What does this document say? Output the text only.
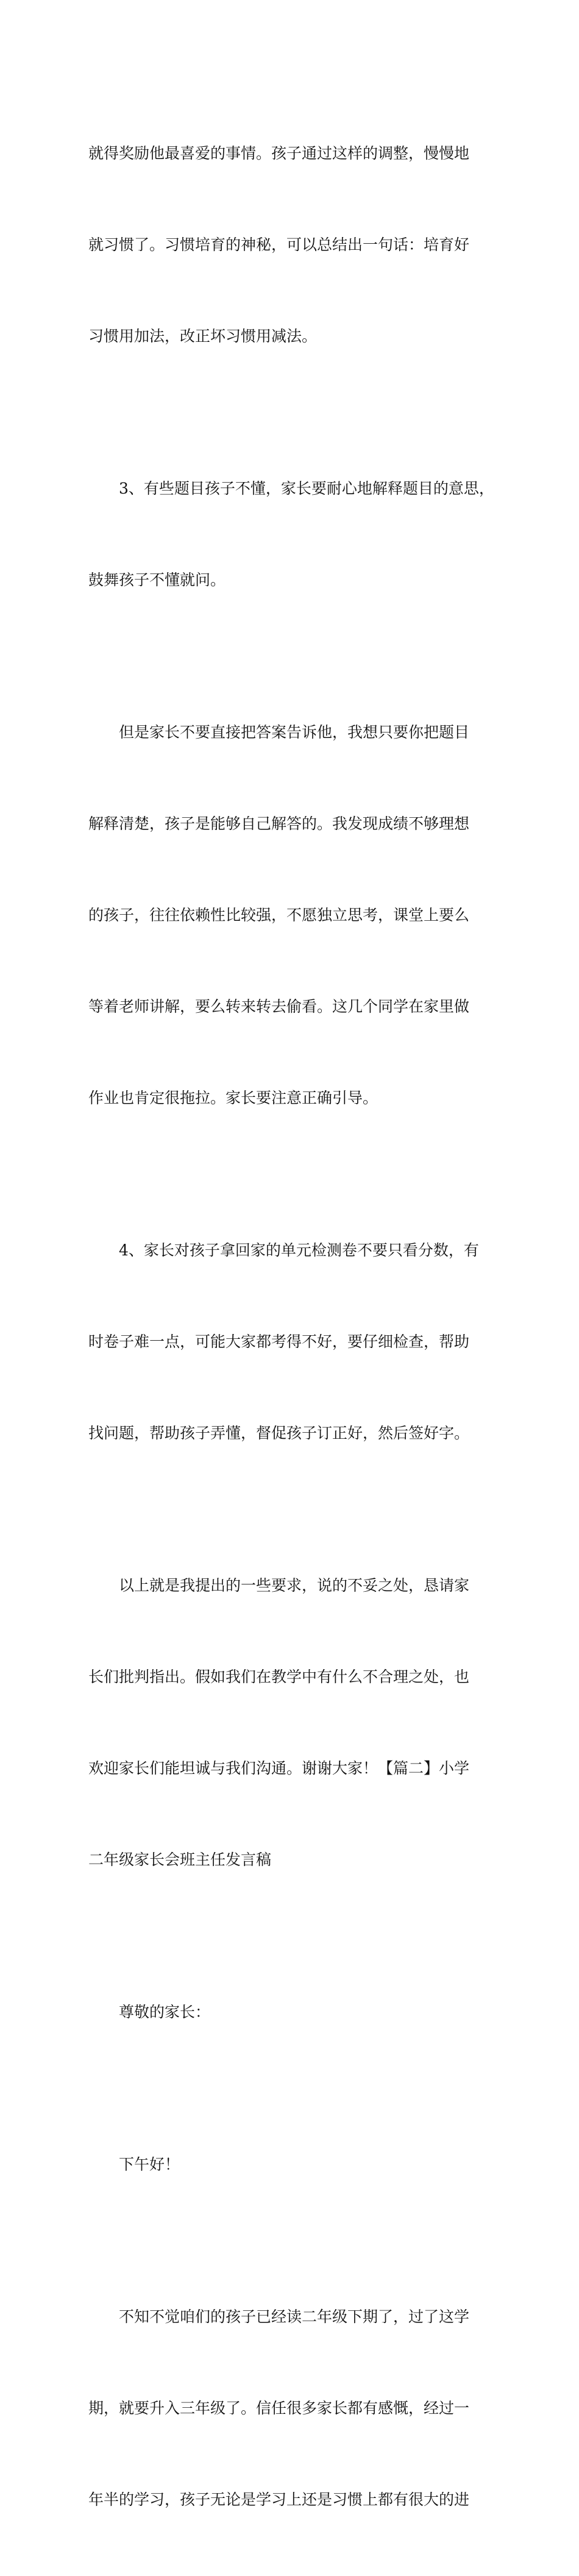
就得奖励他最喜爱的事情。孩子通过这样的调整，慢慢地

就习惯了。习惯培育的神秘，可以总结出一句话：培育好

习惯用加法，改正坏习惯用减法。

　　3、有些题目孩子不懂，家长要耐心地解释题目的意思，

鼓舞孩子不懂就问。

　　但是家长不要直接把答案告诉他，我想只要你把题目

解释清楚，孩子是能够自己解答的。我发现成绩不够理想

的孩子，往往依赖性比较强，不愿独立思考，课堂上要么

等着老师讲解，要么转来转去偷看。这几个同学在家里做

作业也肯定很拖拉。家长要注意正确引导。

　　4、家长对孩子拿回家的单元检测卷不要只看分数，有

时卷子难一点，可能大家都考得不好，要仔细检查，帮助

找问题，帮助孩子弄懂，督促孩子订正好，然后签好字。

　　以上就是我提出的一些要求，说的不妥之处，恳请家

长们批判指出。假如我们在教学中有什么不合理之处，也

欢迎家长们能坦诚与我们沟通。谢谢大家！【篇二】小学

二年级家长会班主任发言稿

　　尊敬的家长：

　　下午好！

　　不知不觉咱们的孩子已经读二年级下期了，过了这学

期，就要升入三年级了。信任很多家长都有感慨，经过一

年半的学习，孩子无论是学习上还是习惯上都有很大的进
